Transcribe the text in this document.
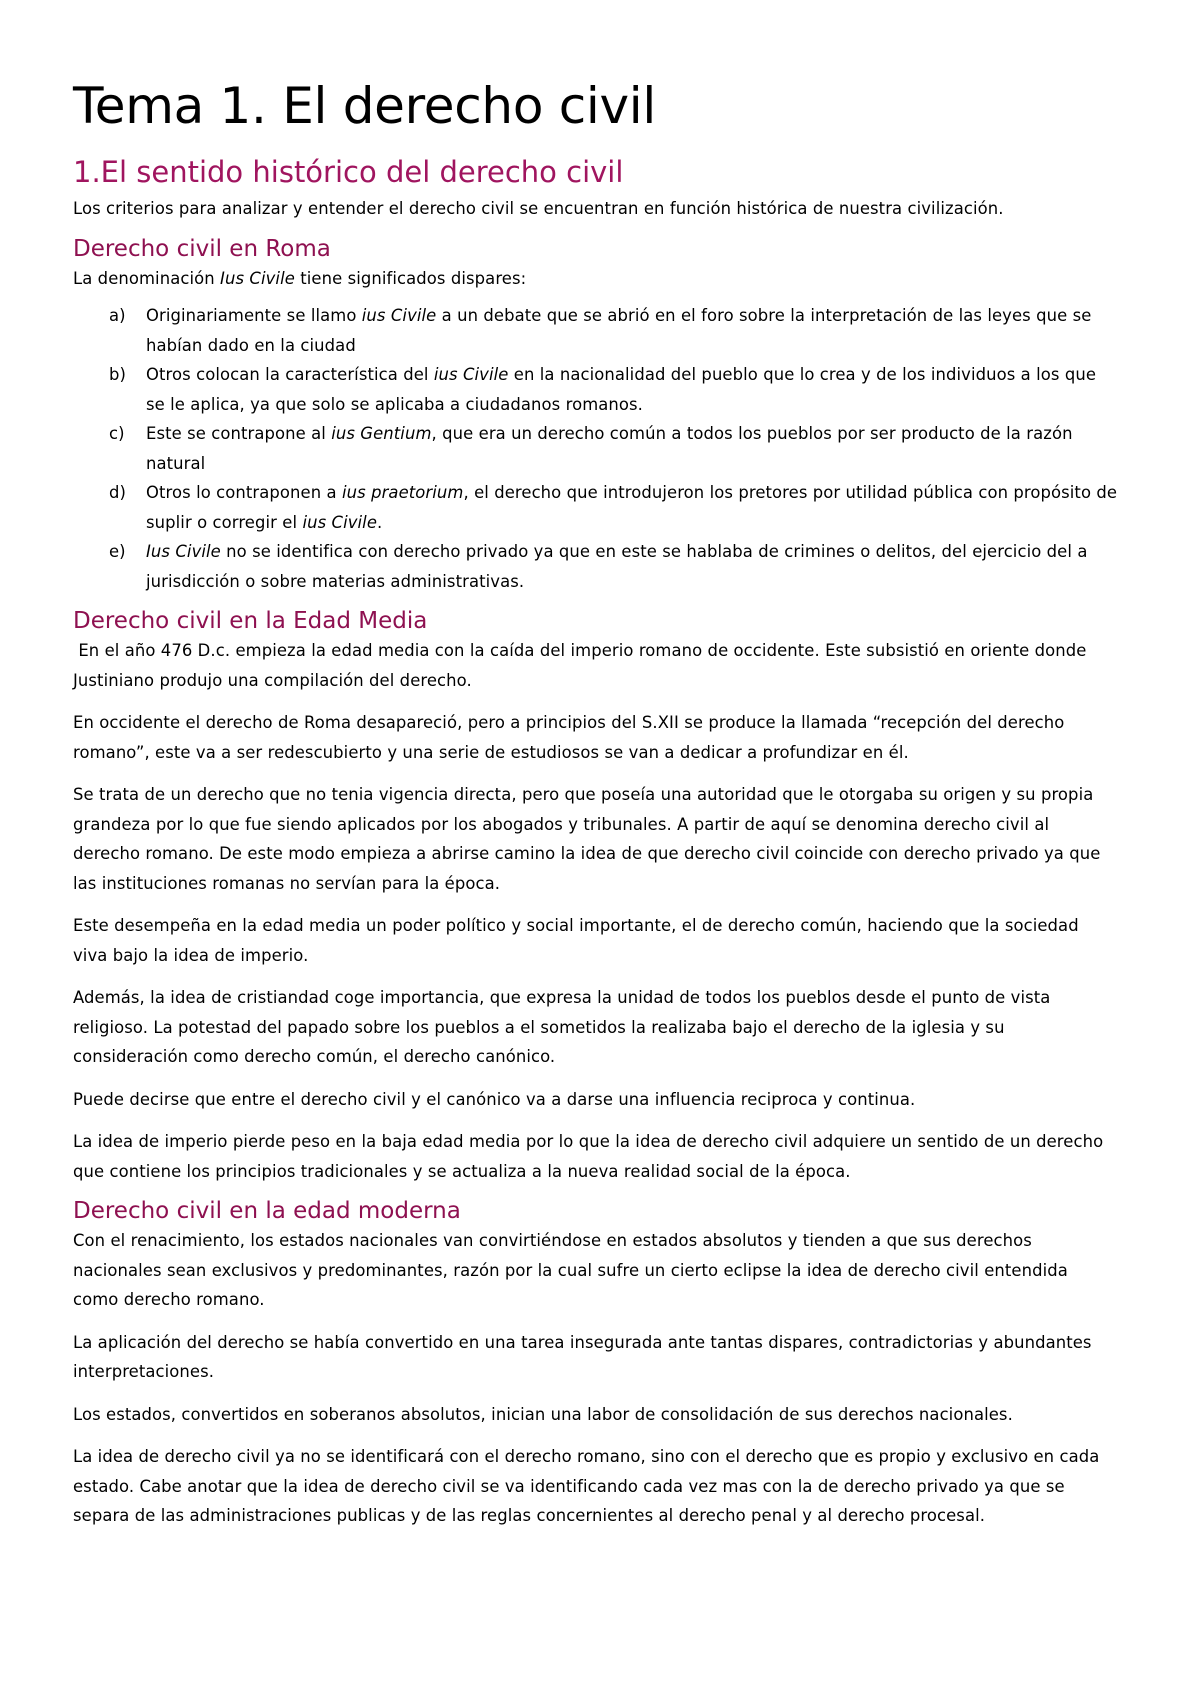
Tema 1. El derecho civil
1.El sentido histórico del derecho civil

Los criterios para analizar y entender el derecho civil se encuentran en función histórica de nuestra civilización.

Derecho civil en Roma

La denominación Ius Civile tiene significados dispares:

a) Originariamente se llamo ius Civile a un debate que se abrió en el foro sobre la interpretación de las leyes que se habían dado en la ciudad
b) Otros colocan la característica del ius Civile en la nacionalidad del pueblo que lo crea y de los individuos a los que se le aplica, ya que solo se aplicaba a ciudadanos romanos.
c) Este se contrapone al ius Gentium, que era un derecho común a todos los pueblos por ser producto de la razón natural
d) Otros lo contraponen a ius praetorium, el derecho que introdujeron los pretores por utilidad pública con propósito de suplir o corregir el ius Civile.
e) Ius Civile no se identifica con derecho privado ya que en este se hablaba de crimines o delitos, del ejercicio del a jurisdicción o sobre materias administrativas.
Derecho civil en la Edad Media

En el año 476 D.c. empieza la edad media con la caída del imperio romano de occidente. Este subsistió en oriente donde Justiniano produjo una compilación del derecho.

En occidente el derecho de Roma desapareció, pero a principios del S.XII se produce la llamada “recepción del derecho romano”, este va a ser redescubierto y una serie de estudiosos se van a dedicar a profundizar en él.

Se trata de un derecho que no tenia vigencia directa, pero que poseía una autoridad que le otorgaba su origen y su propia grandeza por lo que fue siendo aplicados por los abogados y tribunales. A partir de aquí se denomina derecho civil al derecho romano. De este modo empieza a abrirse camino la idea de que derecho civil coincide con derecho privado ya que las instituciones romanas no servían para la época.

Este desempeña en la edad media un poder político y social importante, el de derecho común, haciendo que la sociedad viva bajo la idea de imperio.

Además, la idea de cristiandad coge importancia, que expresa la unidad de todos los pueblos desde el punto de vista religioso. La potestad del papado sobre los pueblos a el sometidos la realizaba bajo el derecho de la iglesia y su consideración como derecho común, el derecho canónico.

Puede decirse que entre el derecho civil y el canónico va a darse una influencia reciproca y continua.

La idea de imperio pierde peso en la baja edad media por lo que la idea de derecho civil adquiere un sentido de un derecho que contiene los principios tradicionales y se actualiza a la nueva realidad social de la época.

Derecho civil en la edad moderna

Con el renacimiento, los estados nacionales van convirtiéndose en estados absolutos y tienden a que sus derechos nacionales sean exclusivos y predominantes, razón por la cual sufre un cierto eclipse la idea de derecho civil entendida como derecho romano.

La aplicación del derecho se había convertido en una tarea insegurada ante tantas dispares, contradictorias y abundantes interpretaciones.

Los estados, convertidos en soberanos absolutos, inician una labor de consolidación de sus derechos nacionales.

La idea de derecho civil ya no se identificará con el derecho romano, sino con el derecho que es propio y exclusivo en cada estado. Cabe anotar que la idea de derecho civil se va identificando cada vez mas con la de derecho privado ya que se separa de las administraciones publicas y de las reglas concernientes al derecho penal y al derecho procesal.
